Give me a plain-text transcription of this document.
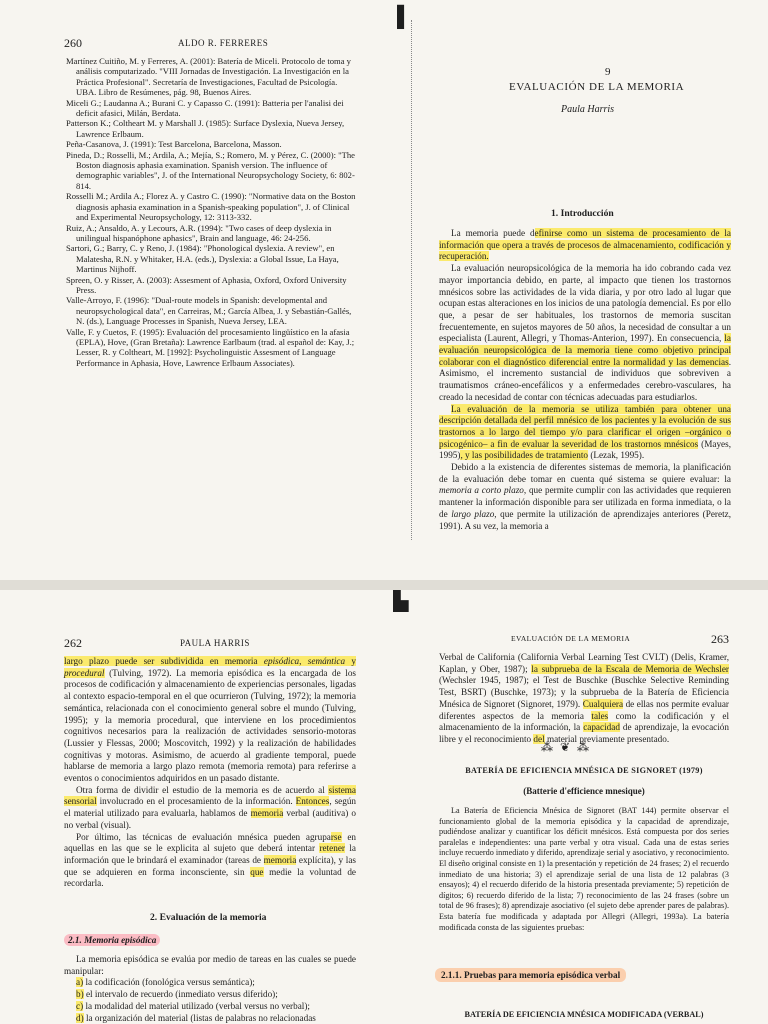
260	ALDO R. FERRERES

Martínez Cuitiño, M. y Ferreres, A. (2001): Batería de Miceli. Protocolo de toma y análisis computarizado. "VIII Jornadas de Investigación. La Investigación en la Práctica Profesional". Secretaría de Investigaciones, Facultad de Psicología. UBA. Libro de Resúmenes, pág. 98, Buenos Aires.

Miceli G.; Laudanna A.; Burani C. y Capasso C. (1991): Batteria per l'analisi dei deficit afasici, Milán, Berdata.

Patterson K.; Coltheart M. y Marshall J. (1985): Surface Dyslexia, Nueva Jersey, Lawrence Erlbaum.

Peña-Casanova, J. (1991): Test Barcelona, Barcelona, Masson.

Pineda, D.; Rosselli, M.; Ardila, A.; Mejía, S.; Romero, M. y Pérez, C. (2000): "The Boston diagnosis aphasia examination. Spanish version. The influence of demographic variables", J. of the International Neuropsychology Society, 6: 802-814.

Rosselli M.; Ardila A.; Florez A. y Castro C. (1990): "Normative data on the Boston diagnosis aphasia examination in a Spanish-speaking population", J. of Clinical and Experimental Neuropsychology, 12: 3113-332.

Ruiz, A.; Ansaldo, A. y Lecours, A.R. (1994): "Two cases of deep dyslexia in unilingual hispanóphone aphasics", Brain and language, 46: 24-256.

Sartori, G.; Barry, C. y Reno, J. (1984): "Phonological dyslexia. A review", en Malatesha, R.N. y Whitaker, H.A. (eds.), Dyslexia: a Global Issue, La Haya, Martinus Nijhoff.

Spreen, O. y Risser, A. (2003): Assesment of Aphasia, Oxford, Oxford University Press.

Valle-Arroyo, F. (1996): "Dual-route models in Spanish: developmental and neuropsychological data", en Carreiras, M.; García Albea, J. y Sebastián-Gallés, N. (ds.), Language Processes in Spanish, Nueva Jersey, LEA.

Valle, F. y Cuetos, F. (1995): Evaluación del procesamiento lingüístico en la afasia (EPLA), Hove, (Gran Bretaña): Lawrence Earlbaum (trad. al español de: Kay, J.; Lesser, R. y Coltheart, M. [1992]: Psycholinguistic Assesment of Language Performance in Aphasia, Hove, Lawrence Erlbaum Associates).

▌
9
EVALUACIÓN DE LA MEMORIA
Paula Harris
1. Introducción

La memoria puede definirse como un sistema de procesamiento de la información que opera a través de procesos de almacenamiento, codificación y recuperación.

La evaluación neuropsicológica de la memoria ha ido cobrando cada vez mayor importancia debido, en parte, al impacto que tienen los trastornos mnésicos sobre las actividades de la vida diaria, y por otro lado al lugar que ocupan estas alteraciones en los inicios de una patología demencial. Es por ello que, a pesar de ser habituales, los trastornos de memoria suscitan frecuentemente, en sujetos mayores de 50 años, la necesidad de consultar a un especialista (Laurent, Allegri, y Thomas-Anterion, 1997). En consecuencia, la evaluación neuropsicológica de la memoria tiene como objetivo principal colaborar con el diagnóstico diferencial entre la normalidad y las demencias. Asimismo, el incremento sustancial de individuos que sobreviven a traumatismos cráneo-encefálicos y a enfermedades cerebro-vasculares, ha creado la necesidad de contar con técnicas adecuadas para estudiarlos.

La evaluación de la memoria se utiliza también para obtener una descripción detallada del perfil mnésico de los pacientes y la evolución de sus trastornos a lo largo del tiempo y/o para clarificar el origen –orgánico o psicogénico– a fin de evaluar la severidad de los trastornos mnésicos (Mayes, 1995), y las posibilidades de tratamiento (Lezak, 1995).

Debido a la existencia de diferentes sistemas de memoria, la planificación de la evaluación debe tomar en cuenta qué sistema se quiere evaluar: la memoria a corto plazo, que permite cumplir con las actividades que requieren mantener la información disponible para ser utilizada en forma inmediata, o la de largo plazo, que permite la utilización de aprendizajes anteriores (Peretz, 1991). A su vez, la memoria a

262	PAULA HARRIS

largo plazo puede ser subdividida en memoria episódica, semántica y procedural (Tulving, 1972). La memoria episódica es la encargada de los procesos de codificación y almacenamiento de experiencias personales, ligadas al contexto espacio-temporal en el que ocurrieron (Tulving, 1972); la memoria semántica, relacionada con el conocimiento general sobre el mundo (Tulving, 1995); y la memoria procedural, que interviene en los procedimientos cognitivos necesarios para la realización de actividades sensorio-motoras (Lussier y Flessas, 2000; Moscovitch, 1992) y la realización de habilidades cognitivas y motoras. Asimismo, de acuerdo al gradiente temporal, puede hablarse de memoria a largo plazo remota (memoria remota) para referirse a eventos o conocimientos adquiridos en un pasado distante.

Otra forma de dividir el estudio de la memoria es de acuerdo al sistema sensorial involucrado en el procesamiento de la información. Entonces, según el material utilizado para evaluarla, hablamos de memoria verbal (auditiva) o no verbal (visual).

Por último, las técnicas de evaluación mnésica pueden agruparse en aquellas en las que se le explicita al sujeto que deberá intentar retener la información que le brindará el examinador (tareas de memoria explícita), y las que se adquieren en forma inconsciente, sin que medie la voluntad de recordarla.

2. Evaluación de la memoria
2.1. Memoria episódica

La memoria episódica se evalúa por medio de tareas en las cuales se puede manipular:

a) la codificación (fonológica versus semántica);

b) el intervalo de recuerdo (inmediato versus diferido);

c) la modalidad del material utilizado (verbal versus no verbal);

d) la organización del material (listas de palabras no relacionadas

▙
EVALUACIÓN DE LA MEMORIA	263

Verbal de California (California Verbal Learning Test CVLT) (Delis, Kramer, Kaplan, y Ober, 1987); la subprueba de la Escala de Memoria de Wechsler (Wechsler 1945, 1987); el Test de Buschke (Buschke Selective Reminding Test, BSRT) (Buschke, 1973); y la subprueba de la Batería de Eficiencia Mnésica de Signoret (Signoret, 1979). Cualquiera de ellas nos permite evaluar diferentes aspectos de la memoria tales como la codificación y el almacenamiento de la información, la capacidad de aprendizaje, la evocación libre y el reconocimiento del material previamente presentado.

⁂ ❦ ⁂
BATERÍA DE EFICIENCIA MNÉSICA DE SIGNORET (1979)
(Batterie d'efficience mnesique)

La Batería de Eficiencia Mnésica de Signoret (BAT 144) permite observar el funcionamiento global de la memoria episódica y la capacidad de aprendizaje, pudiéndose analizar y cuantificar los déficit mnésicos. Está compuesta por dos series paralelas e independientes: una parte verbal y otra visual. Cada una de estas series incluye recuerdo inmediato y diferido, aprendizaje serial y asociativo, y reconocimiento. El diseño original consiste en 1) la presentación y repetición de 24 frases; 2) el recuerdo inmediato de una historia; 3) el aprendizaje serial de una lista de 12 palabras (3 ensayos); 4) el recuerdo diferido de la historia presentada previamente; 5) repetición de dígitos; 6) recuerdo diferido de la lista; 7) reconocimiento de las 24 frases (sobre un total de 96 frases); 8) aprendizaje asociativo (el sujeto debe aprender pares de palabras). Esta batería fue modificada y adaptada por Allegri (Allegri, 1993a). La batería modificada consta de las siguientes pruebas:

2.1.1. Pruebas para memoria episódica verbal
BATERÍA DE EFICIENCIA MNÉSICA MODIFICADA (VERBAL)
